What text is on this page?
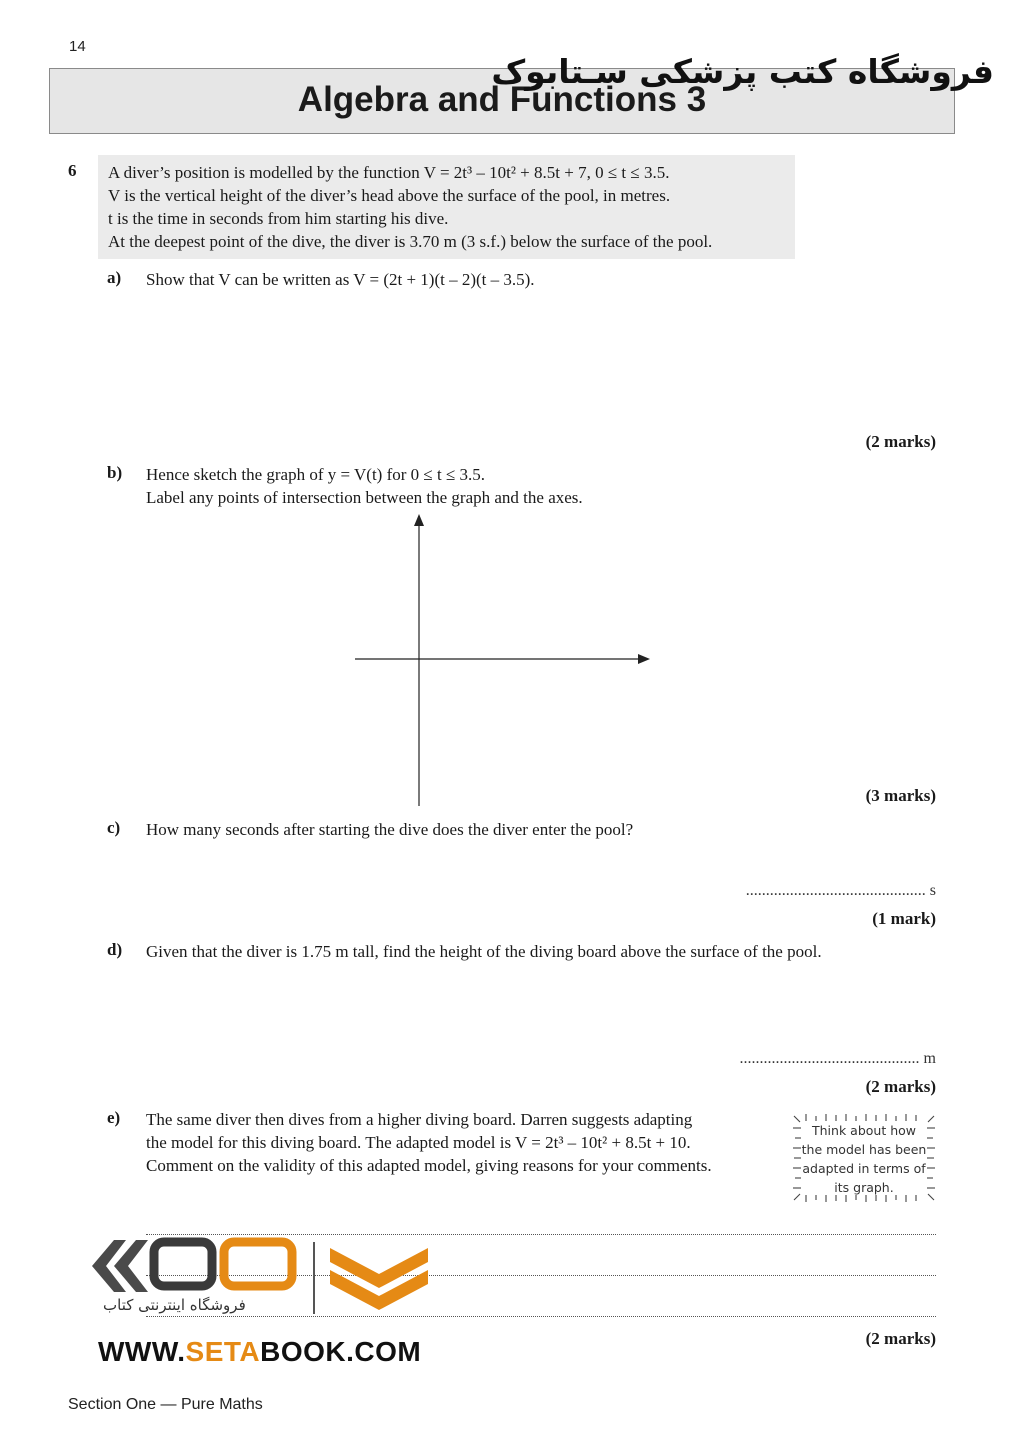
14
Algebra and Functions 3
فروشگاه کتب پزشکی سـتابوک
6 A diver’s position is modelled by the function V = 2t³ – 10t² + 8.5t + 7, 0 ≤ t ≤ 3.5.
V is the vertical height of the diver’s head above the surface of the pool, in metres.
t is the time in seconds from him starting his dive.
At the deepest point of the dive, the diver is 3.70 m (3 s.f.) below the surface of the pool.
a) Show that V can be written as V = (2t + 1)(t – 2)(t – 3.5).
(2 marks)
b) Hence sketch the graph of y = V(t) for 0 ≤ t ≤ 3.5.
Label any points of intersection between the graph and the axes.
(3 marks)
c) How many seconds after starting the dive does the diver enter the pool?
............................................. s
(1 mark)
d) Given that the diver is 1.75 m tall, find the height of the diving board above the surface of the pool.
............................................. m
(2 marks)
e) The same diver then dives from a higher diving board. Darren suggests adapting
the model for this diving board. The adapted model is V = 2t³ – 10t² + 8.5t + 10.
Comment on the validity of this adapted model, giving reasons for your comments.
Think about how
the model has been
adapted in terms of
its graph.
(2 marks)
فروشگاه اینترنتی کتاب
WWW.SETABOOK.COM
Section One — Pure Maths
